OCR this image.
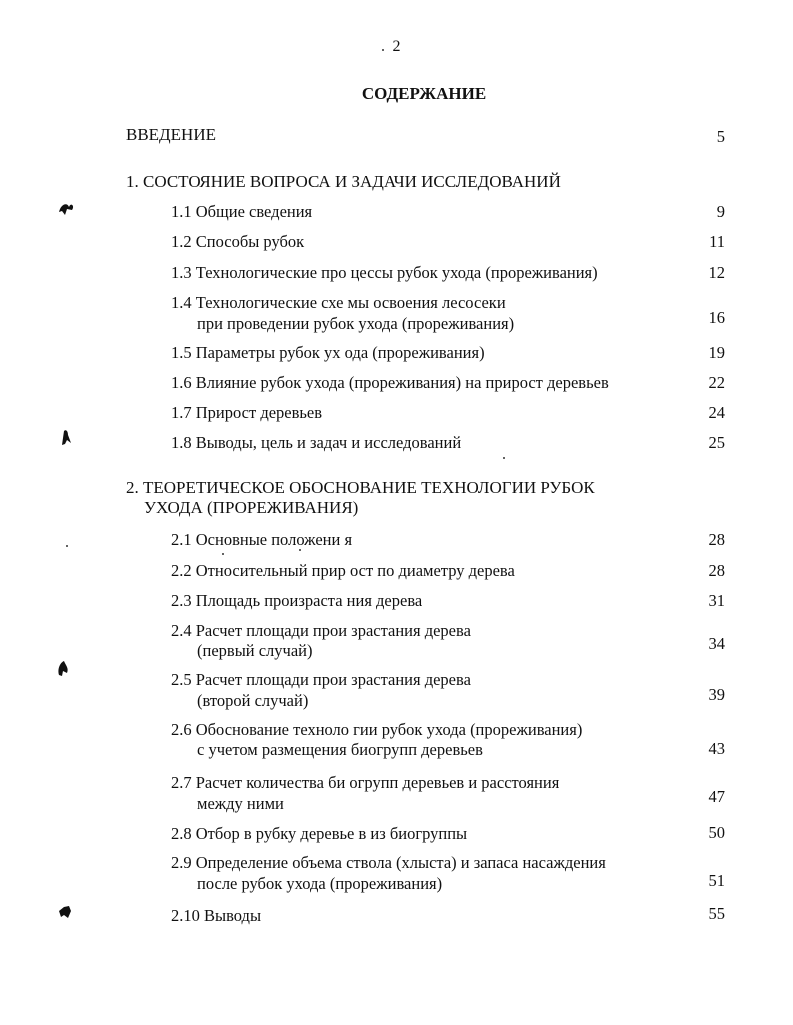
2
СОДЕРЖАНИЕ
ВВЕДЕНИЕ	5
1. СОСТОЯНИЕ ВОПРОСА И ЗАДАЧИ ИССЛЕДОВАНИЙ
1.1 Общие сведения	9
1.2 Способы рубок	11
1.3 Технологические про цессы рубок ухода (прореживания)	12
1.4 Технологические схе мы освоения лесосеки
при проведении рубок ухода (прореживания)	16
1.5 Параметры рубок ух ода (прореживания)	19
1.6 Влияние рубок ухода (прореживания) на прирост деревьев	22
1.7 Прирост деревьев	24
1.8 Выводы, цель и задач и исследований	25
2. ТЕОРЕТИЧЕСКОЕ ОБОСНОВАНИЕ ТЕХНОЛОГИИ РУБОК
УХОДА (ПРОРЕЖИВАНИЯ)
2.1 Основные положени я	28
2.2 Относительный прир ост по диаметру дерева	28
2.3 Площадь произраста ния дерева	31
2.4 Расчет площади прои зрастания дерева
(первый случай)	34
2.5 Расчет площади прои зрастания дерева
(второй случай)	39
2.6 Обоснование техноло гии рубок ухода (прореживания)
с учетом размещения биогрупп деревьев	43
2.7 Расчет количества би огрупп деревьев и расстояния
между ними	47
2.8 Отбор в рубку деревье в из биогруппы	50
2.9 Определение объема ствола (хлыста) и запаса насаждения
после рубок ухода (прореживания)	51
2.10 Выводы	55
